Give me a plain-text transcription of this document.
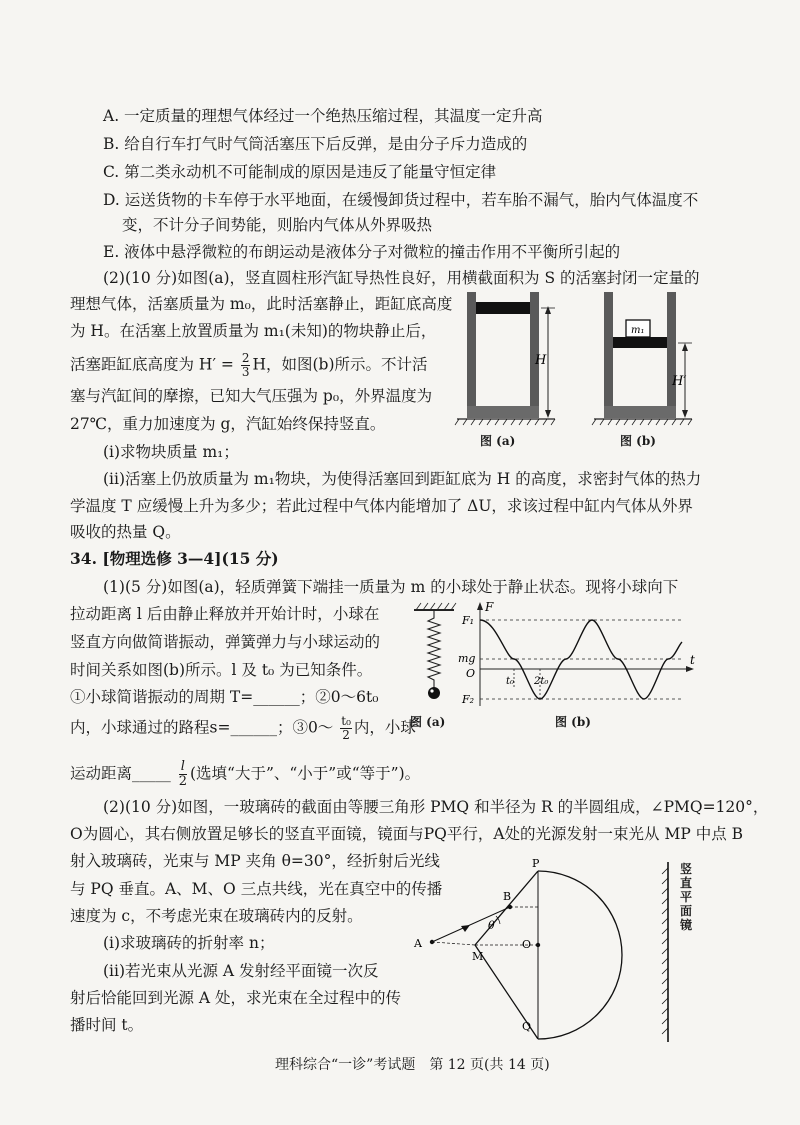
A. 一定质量的理想气体经过一个绝热压缩过程，其温度一定升高
B. 给自行车打气时气筒活塞压下后反弹，是由分子斥力造成的
C. 第二类永动机不可能制成的原因是违反了能量守恒定律
D. 运送货物的卡车停于水平地面，在缓慢卸货过程中，若车胎不漏气，胎内气体温度不
变，不计分子间势能，则胎内气体从外界吸热
E. 液体中悬浮微粒的布朗运动是液体分子对微粒的撞击作用不平衡所引起的
(2)(10 分)如图(a)，竖直圆柱形汽缸导热性良好，用横截面积为 S 的活塞封闭一定量的
理想气体，活塞质量为 m₀，此时活塞静止，距缸底高度
为 H。在活塞上放置质量为 m₁(未知)的物块静止后，
活塞距缸底高度为 $H' = \frac{2}{3}$ H，如图(b)所示。不计活
塞与汽缸间的摩擦，已知大气压强为 p₀，外界温度为
27℃，重力加速度为 g，汽缸始终保持竖直。
(i)求物块质量 m₁；
(ii)活塞上仍放质量为 m₁物块，为使得活塞回到距缸底为 H 的高度，求密封气体的热力
学温度 T 应缓慢上升为多少；若此过程中气体内能增加了 ΔU，求该过程中缸内气体从外界
吸收的热量 Q。
H
图 (a)
m₁
H′
图 (b)
34. [物理选修 3—4](15 分)
(1)(5 分)如图(a)，轻质弹簧下端挂一质量为 m 的小球处于静止状态。现将小球向下
拉动距离 l 后由静止释放并开始计时，小球在
竖直方向做简谐振动，弹簧弹力与小球运动的
时间关系如图(b)所示。l 及 t₀ 为已知条件。
①小球简谐振动的周期 T=______；②0～6t₀
内，小球通过的路程s=______；③0～ $\frac{\text{t₀}}{2}$ 内，小球
运动距离_____ $\frac{l}{2}$ (选填“大于”、“小于”或“等于”)。
图 (a)
F
F₁
mg
O
F₂
t
t₀ 2t₀
图 (b)
(2)(10 分)如图，一玻璃砖的截面由等腰三角形 PMQ 和半径为 R 的半圆组成，∠PMQ=120°，
O为圆心，其右侧放置足够长的竖直平面镜，镜面与PQ平行，A处的光源发射一束光从 MP 中点 B
射入玻璃砖，光束与 MP 夹角 θ=30°，经折射后光线
与 PQ 垂直。A、M、O 三点共线，光在真空中的传播
速度为 c，不考虑光束在玻璃砖内的反射。
(i)求玻璃砖的折射率 n；
(ii)若光束从光源 A 发射经平面镜一次反
射后恰能回到光源 A 处，求光束在全过程中的传
播时间 t。
P
B
θ
A
M
O
Q
竖直平面镜
理科综合“一诊”考试题　第 12 页(共 14 页)
